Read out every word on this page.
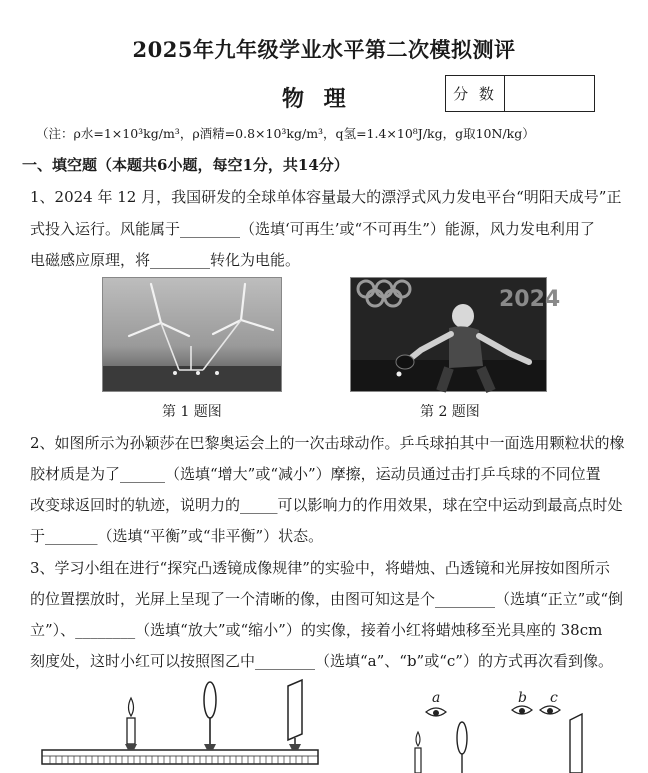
2025年九年级学业水平第二次模拟测评
物 理	分 数
（注：ρ水=1×10³kg/m³，ρ酒精=0.8×10³kg/m³，q氢=1.4×10⁸J/kg，g取10N/kg）
一、填空题（本题共6小题，每空1分，共14分）
1、2024 年 12 月，我国研发的全球单体容量最大的漂浮式风力发电平台“明阳天成号”正
式投入运行。风能属于________（选填‘可再生’或“不可再生”）能源，风力发电利用了
电磁感应原理，将________转化为电能。
第 1 题图
2024
第 2 题图
2、如图所示为孙颖莎在巴黎奥运会上的一次击球动作。乒乓球拍其中一面选用颗粒状的橡
胶材质是为了______（选填“增大”或“减小”）摩擦，运动员通过击打乒乓球的不同位置
改变球返回时的轨迹，说明力的_____可以影响力的作用效果，球在空中运动到最高点时处
于_______（选填“平衡”或“非平衡”）状态。
3、学习小组在进行“探究凸透镜成像规律”的实验中，将蜡烛、凸透镜和光屏按如图所示
的位置摆放时，光屏上呈现了一个清晰的像，由图可知这是个________（选填“正立”或“倒
立”）、________（选填“放大”或“缩小”）的实像，接着小红将蜡烛移至光具座的 38cm
刻度处，这时小红可以按照图乙中________（选填“a”、“b”或“c”）的方式再次看到像。
a	b c
